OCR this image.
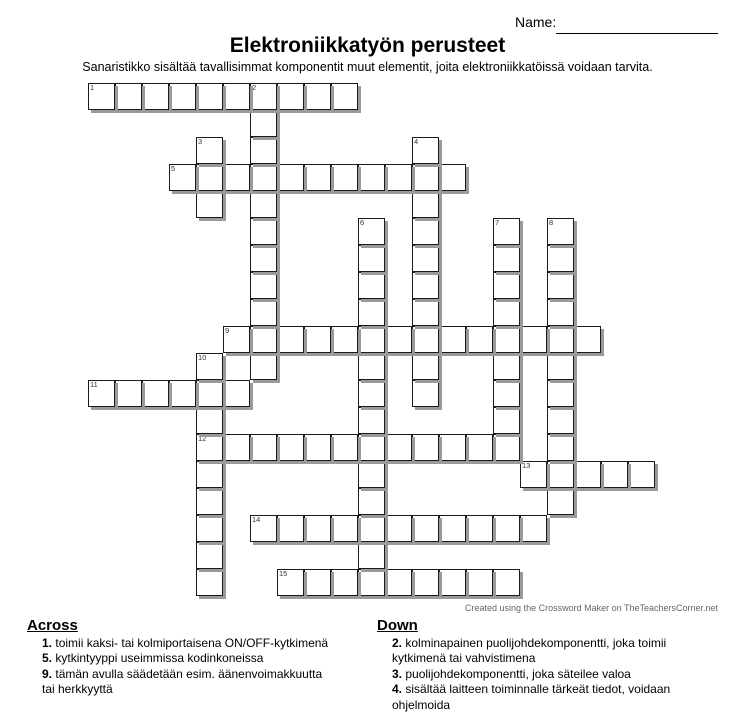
Name:
Elektroniikkatyön perusteet
Sanaristikko sisältää tavallisimmat komponentit muut elementit, joita elektroniikkatöissä voidaan tarvita.
15
14
13
12
11
10
9
8
7
6
5
4
3
2
1
Created using the Crossword Maker on TheTeachersCorner.net
Across
1. toimii kaksi- tai kolmiportaisena ON/OFF-kytkimenä
5. kytkintyyppi useimmissa kodinkoneissa
9. tämän avulla säädetään esim. äänenvoimakkuutta tai herkkyyttä
Down
2. kolminapainen puolijohdekomponentti, joka toimii kytkimenä tai vahvistimena
3. puolijohdekomponentti, joka säteilee valoa
4. sisältää laitteen toiminnalle tärkeät tiedot, voidaan ohjelmoida
